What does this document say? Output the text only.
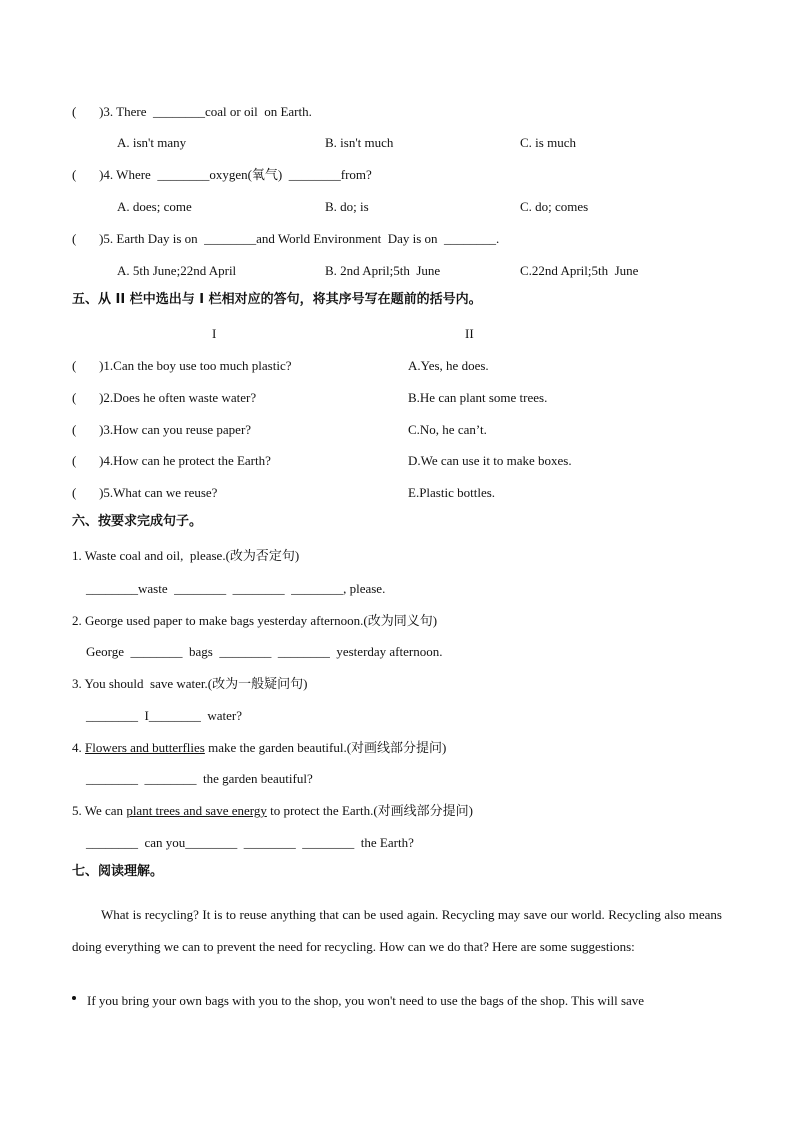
(       )3. There  ________coal or oil  on Earth.
A. isn't many	B. isn't much	C. is much
(       )4. Where  ________oxygen(氧气)  ________from?
A. does; come	B. do; is	C. do; comes
(       )5. Earth Day is on  ________and World Environment  Day is on  ________.
A. 5th June;22nd April	B. 2nd April;5th  June	C.22nd April;5th  June
五、从 II 栏中选出与 I 栏相对应的答句，将其序号写在题前的括号内。
I	II
(       )1.Can the boy use too much plastic?	A.Yes, he does.
(       )2.Does he often waste water?	B.He can plant some trees.
(       )3.How can you reuse paper?	C.No, he can’t.
(       )4.How can he protect the Earth?	D.We can use it to make boxes.
(       )5.What can we reuse?	E.Plastic bottles.
六、按要求完成句子。
1. Waste coal and oil,  please.(改为否定句)
________waste  ________  ________  ________, please.
2. George used paper to make bags yesterday afternoon.(改为同义句)
George  ________  bags  ________  ________  yesterday afternoon.
3. You should  save water.(改为一般疑问句)
________  I________  water?
4. Flowers and butterflies make the garden beautiful.(对画线部分提问)
________  ________  the garden beautiful?
5. We can plant trees and save energy to protect the Earth.(对画线部分提问)
________  can you________  ________  ________  the Earth?
七、阅读理解。
What is recycling? It is to reuse anything that can be used again. Recycling may save our world. Recycling also means doing everything we can to prevent the need for recycling. How can we do that? Here are some suggestions:
If you bring your own bags with you to the shop, you won't need to use the bags of the shop. This will save
